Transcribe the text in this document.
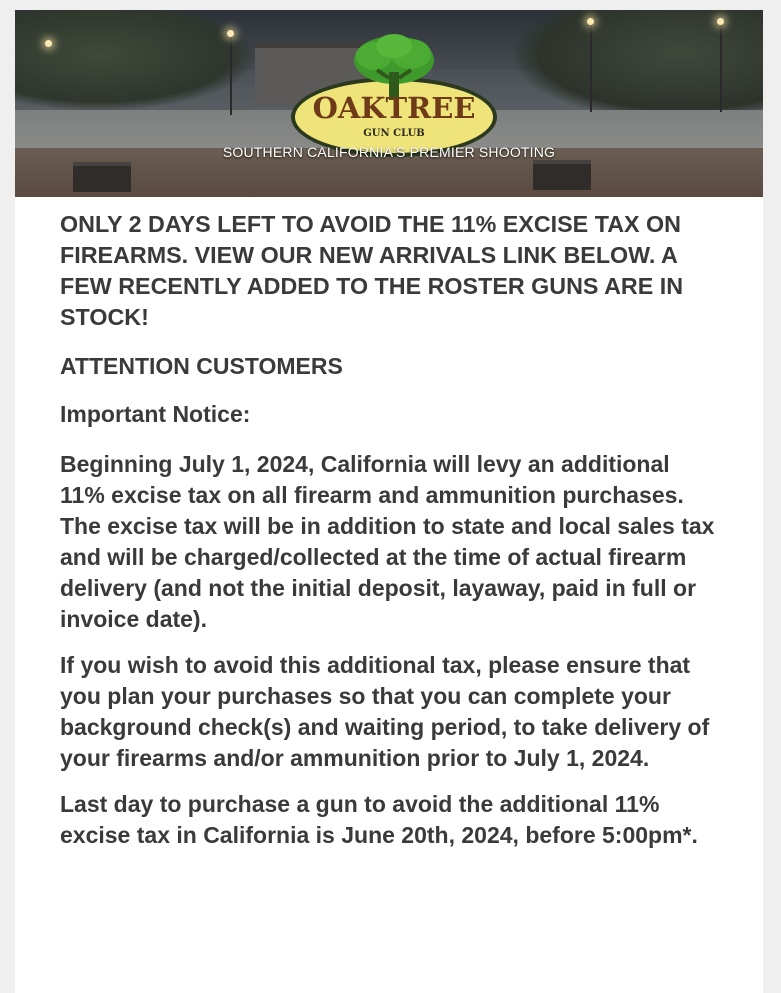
OAKTREE
GUN CLUB
SOUTHERN CALIFORNIA'S PREMIER SHOOTING

ONLY 2 DAYS LEFT TO AVOID THE 11% EXCISE TAX ON FIREARMS. VIEW OUR NEW ARRIVALS LINK BELOW. A FEW RECENTLY ADDED TO THE ROSTER GUNS ARE IN STOCK!

ATTENTION CUSTOMERS

Important Notice:

Beginning July 1, 2024, California will levy an additional 11% excise tax on all firearm and ammunition purchases. The excise tax will be in addition to state and local sales tax and will be charged/collected at the time of actual firearm delivery (and not the initial deposit, layaway, paid in full or invoice date).

If you wish to avoid this additional tax, please ensure that you plan your purchases so that you can complete your background check(s) and waiting period, to take delivery of your firearms and/or ammunition prior to July 1, 2024.

Last day to purchase a gun to avoid the additional 11% excise tax in California is June 20th, 2024, before 5:00pm*.
